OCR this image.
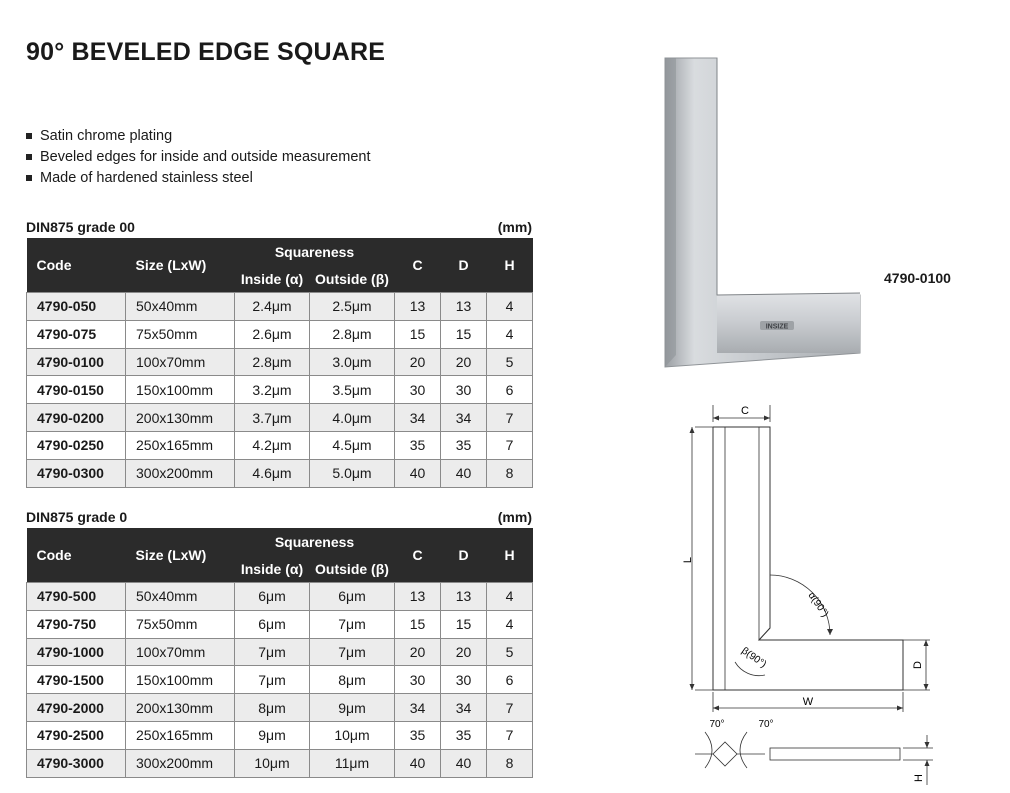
90° BEVELED EDGE SQUARE
Satin chrome plating
Beveled edges for inside and outside measurement
Made of hardened stainless steel
DIN875 grade 00	(mm)
Code	Size (LxW)	Squareness		C	D	H
		Inside (α)	Outside (β)			
4790-050	50x40mm	2.4μm	2.5μm	13	13	4
4790-075	75x50mm	2.6μm	2.8μm	15	15	4
4790-0100	100x70mm	2.8μm	3.0μm	20	20	5
4790-0150	150x100mm	3.2μm	3.5μm	30	30	6
4790-0200	200x130mm	3.7μm	4.0μm	34	34	7
4790-0250	250x165mm	4.2μm	4.5μm	35	35	7
4790-0300	300x200mm	4.6μm	5.0μm	40	40	8
DIN875 grade 0	(mm)
Code	Size (LxW)	Squareness		C	D	H
		Inside (α)	Outside (β)			
4790-500	50x40mm	6μm	6μm	13	13	4
4790-750	75x50mm	6μm	7μm	15	15	4
4790-1000	100x70mm	7μm	7μm	20	20	5
4790-1500	150x100mm	7μm	8μm	30	30	6
4790-2000	200x130mm	8μm	9μm	34	34	7
4790-2500	250x165mm	9μm	10μm	35	35	7
4790-3000	300x200mm	10μm	11μm	40	40	8
INSIZE
4790-0100
C
L
α(90°)
β(90°)	D
W
70°	70°
H
